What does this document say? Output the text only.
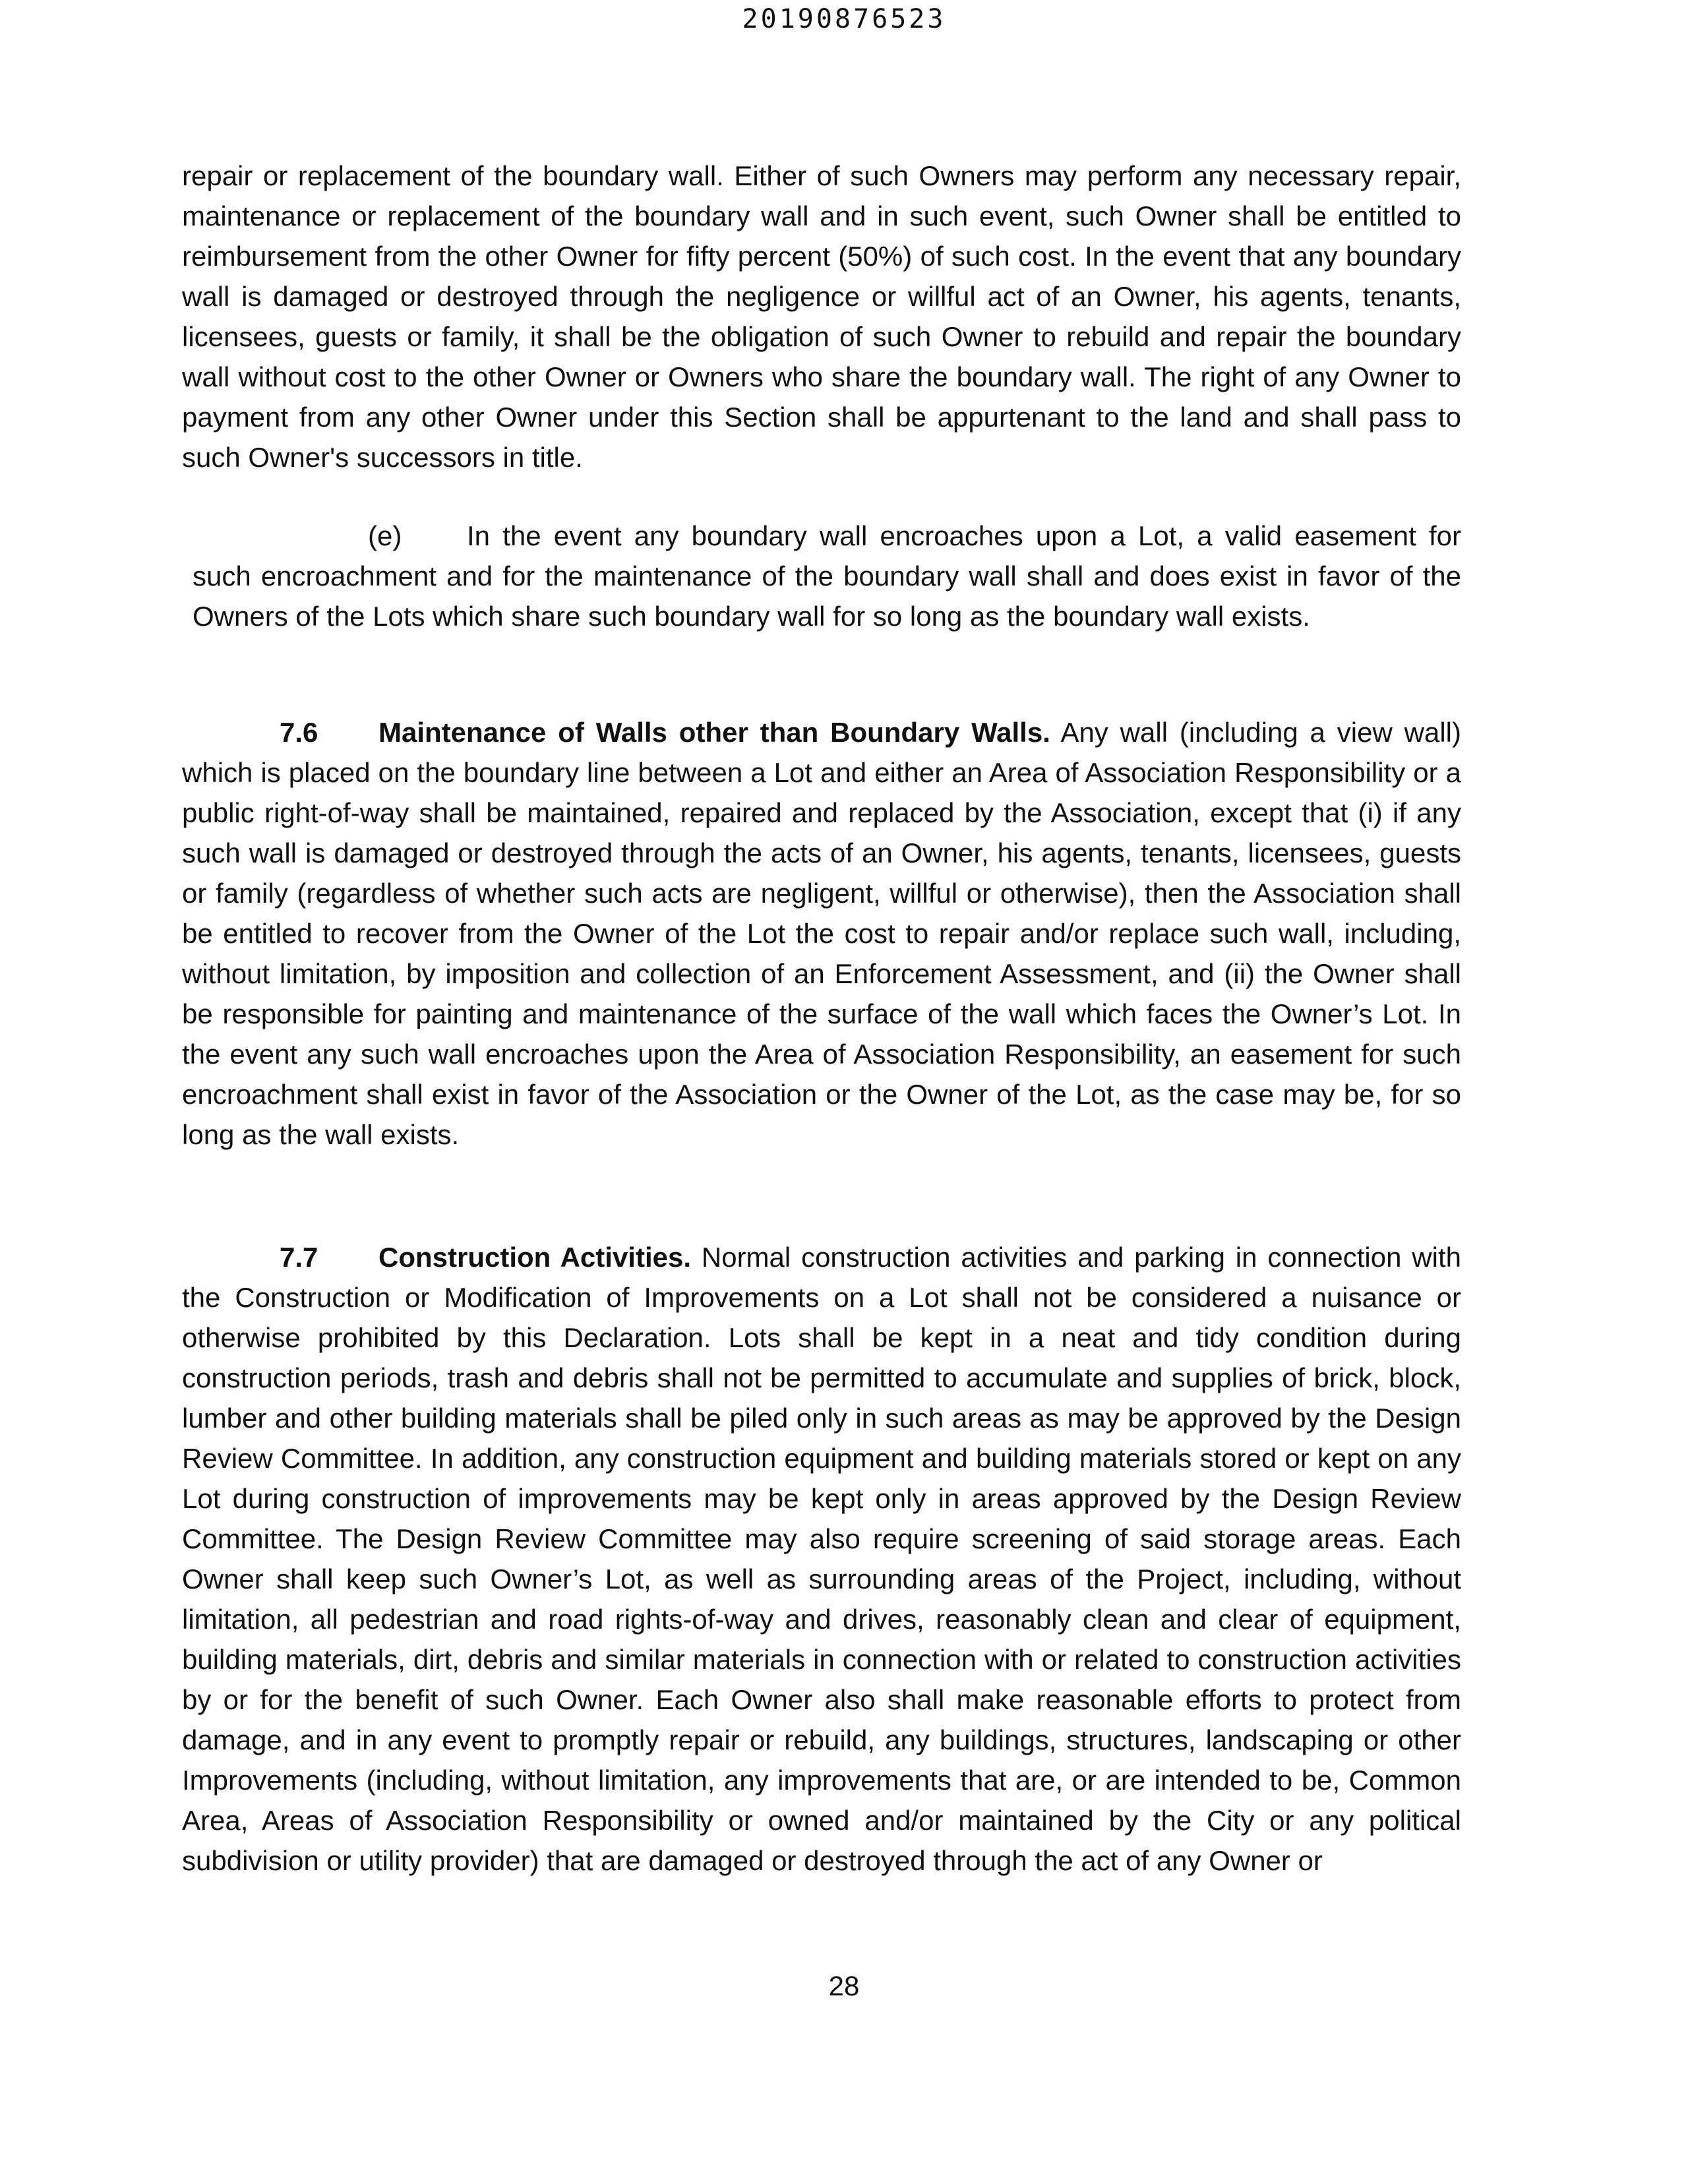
20190876523
repair or replacement of the boundary wall. Either of such Owners may perform any necessary repair, maintenance or replacement of the boundary wall and in such event, such Owner shall be entitled to reimbursement from the other Owner for fifty percent (50%) of such cost. In the event that any boundary wall is damaged or destroyed through the negligence or willful act of an Owner, his agents, tenants, licensees, guests or family, it shall be the obligation of such Owner to rebuild and repair the boundary wall without cost to the other Owner or Owners who share the boundary wall. The right of any Owner to payment from any other Owner under this Section shall be appurtenant to the land and shall pass to such Owner's successors in title.
(e) In the event any boundary wall encroaches upon a Lot, a valid easement for such encroachment and for the maintenance of the boundary wall shall and does exist in favor of the Owners of the Lots which share such boundary wall for so long as the boundary wall exists.
7.6 Maintenance of Walls other than Boundary Walls. Any wall (including a view wall) which is placed on the boundary line between a Lot and either an Area of Association Responsibility or a public right-of-way shall be maintained, repaired and replaced by the Association, except that (i) if any such wall is damaged or destroyed through the acts of an Owner, his agents, tenants, licensees, guests or family (regardless of whether such acts are negligent, willful or otherwise), then the Association shall be entitled to recover from the Owner of the Lot the cost to repair and/or replace such wall, including, without limitation, by imposition and collection of an Enforcement Assessment, and (ii) the Owner shall be responsible for painting and maintenance of the surface of the wall which faces the Owner’s Lot. In the event any such wall encroaches upon the Area of Association Responsibility, an easement for such encroachment shall exist in favor of the Association or the Owner of the Lot, as the case may be, for so long as the wall exists.
7.7 Construction Activities. Normal construction activities and parking in connection with the Construction or Modification of Improvements on a Lot shall not be considered a nuisance or otherwise prohibited by this Declaration. Lots shall be kept in a neat and tidy condition during construction periods, trash and debris shall not be permitted to accumulate and supplies of brick, block, lumber and other building materials shall be piled only in such areas as may be approved by the Design Review Committee. In addition, any construction equipment and building materials stored or kept on any Lot during construction of improvements may be kept only in areas approved by the Design Review Committee. The Design Review Committee may also require screening of said storage areas. Each Owner shall keep such Owner’s Lot, as well as surrounding areas of the Project, including, without limitation, all pedestrian and road rights-of-way and drives, reasonably clean and clear of equipment, building materials, dirt, debris and similar materials in connection with or related to construction activities by or for the benefit of such Owner. Each Owner also shall make reasonable efforts to protect from damage, and in any event to promptly repair or rebuild, any buildings, structures, landscaping or other Improvements (including, without limitation, any improvements that are, or are intended to be, Common Area, Areas of Association Responsibility or owned and/or maintained by the City or any political subdivision or utility provider) that are damaged or destroyed through the act of any Owner or
28
